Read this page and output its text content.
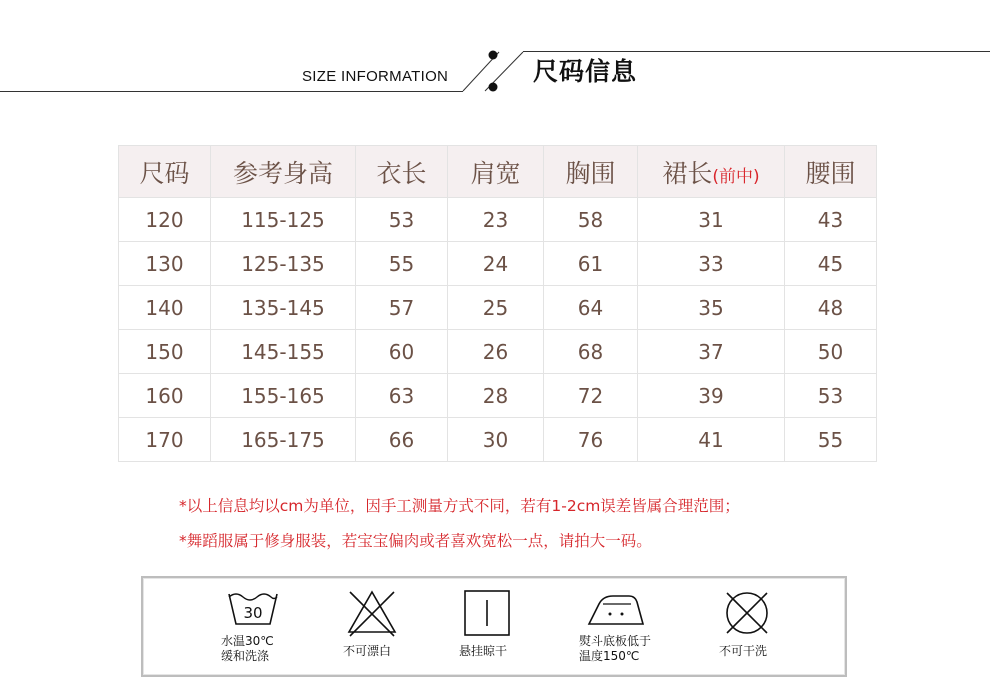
SIZE INFORMATION	尺码信息
尺码	参考身高	衣长	肩宽	胸围	裙长(前中)	腰围
120	115-125	53	23	58	31	43
130	125-135	55	24	61	33	45
140	135-145	57	25	64	35	48
150	145-155	60	26	68	37	50
160	155-165	63	28	72	39	53
170	165-175	66	30	76	41	55
*以上信息均以cm为单位，因手工测量方式不同，若有1-2cm误差皆属合理范围；
*舞蹈服属于修身服装，若宝宝偏肉或者喜欢宽松一点，请拍大一码。
30
水温30℃
缓和洗涤	不可漂白	悬挂晾干
熨斗底板低于
温度150℃	不可干洗
